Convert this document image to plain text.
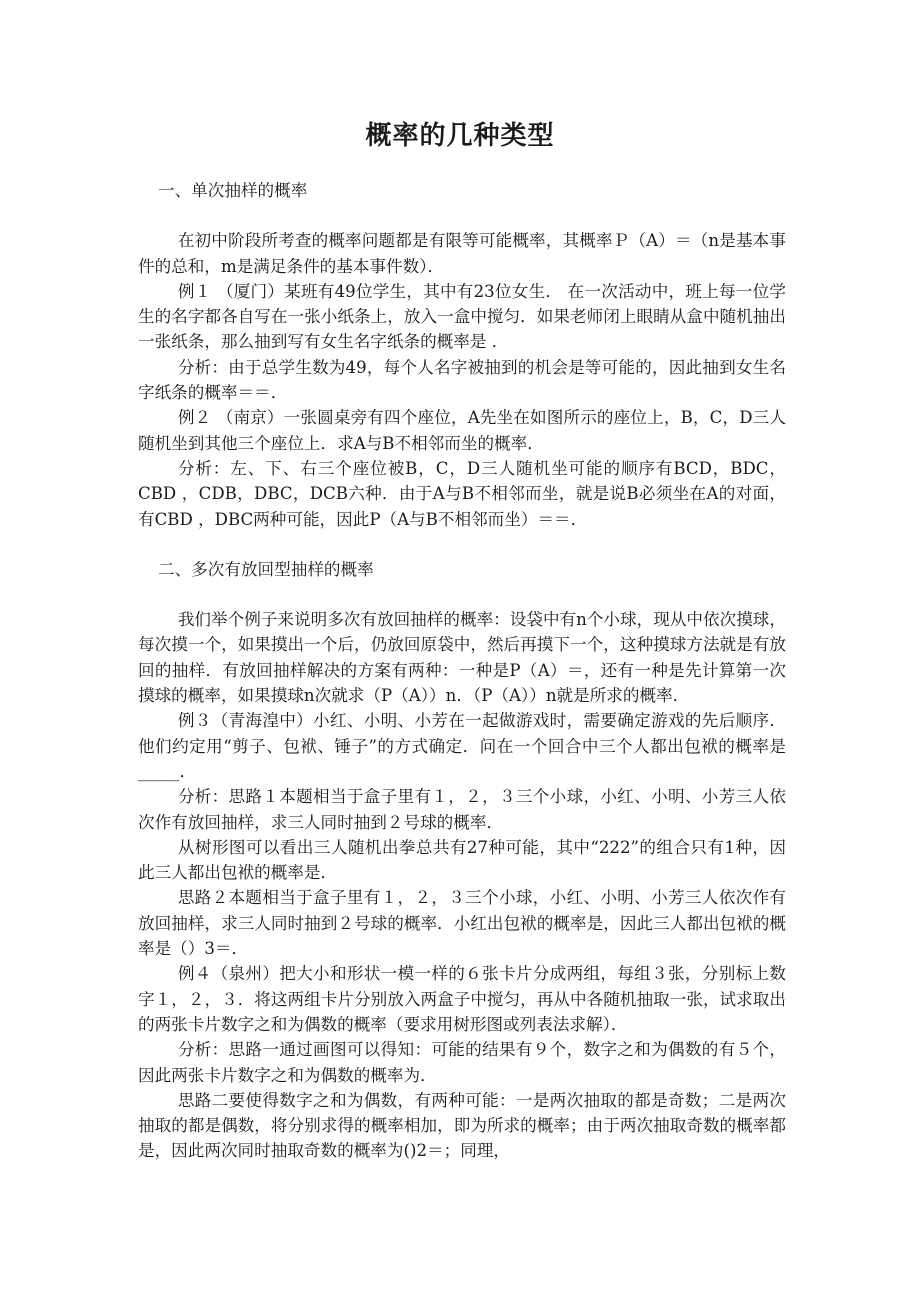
概率的几种类型
一、单次抽样的概率

在初中阶段所考查的概率问题都是有限等可能概率，其概率Ｐ（A）＝（n是基本事件的总和，m是满足条件的基本事件数）．

例１ （厦门）某班有49位学生，其中有23位女生． 在一次活动中，班上每一位学生的名字都各自写在一张小纸条上，放入一盒中搅匀．如果老师闭上眼睛从盒中随机抽出一张纸条，那么抽到写有女生名字纸条的概率是 ．

分析：由于总学生数为49，每个人名字被抽到的机会是等可能的，因此抽到女生名字纸条的概率＝＝．

例２ （南京）一张圆桌旁有四个座位，A先坐在如图所示的座位上，B，C，D三人随机坐到其他三个座位上．求A与B不相邻而坐的概率．

分析：左、下、右三个座位被B，C，D三人随机坐可能的顺序有BCD，BDC，CBD ，CDB，DBC，DCB六种．由于A与B不相邻而坐，就是说B必须坐在A的对面，有CBD ，DBC两种可能，因此P（A与B不相邻而坐）＝＝．

二、多次有放回型抽样的概率

我们举个例子来说明多次有放回抽样的概率：设袋中有n个小球，现从中依次摸球，每次摸一个，如果摸出一个后，仍放回原袋中，然后再摸下一个，这种摸球方法就是有放回的抽样．有放回抽样解决的方案有两种：一种是P（A）＝，还有一种是先计算第一次摸球的概率，如果摸球n次就求（P（A））n．（P（A））n就是所求的概率．

例３（青海湟中）小红、小明、小芳在一起做游戏时，需要确定游戏的先后顺序．他们约定用“剪子、包袱、锤子”的方式确定．问在一个回合中三个人都出包袱的概率是_____．

分析：思路１本题相当于盒子里有１，２，３三个小球，小红、小明、小芳三人依次作有放回抽样，求三人同时抽到２号球的概率．

从树形图可以看出三人随机出拳总共有27种可能，其中“222”的组合只有1种，因此三人都出包袱的概率是．

思路２本题相当于盒子里有１，２，３三个小球，小红、小明、小芳三人依次作有放回抽样，求三人同时抽到２号球的概率．小红出包袱的概率是，因此三人都出包袱的概率是（）3＝．

例４（泉州）把大小和形状一模一样的６张卡片分成两组，每组３张，分别标上数字１，２，３．将这两组卡片分别放入两盒子中搅匀，再从中各随机抽取一张，试求取出的两张卡片数字之和为偶数的概率（要求用树形图或列表法求解）．

分析：思路一通过画图可以得知：可能的结果有９个，数字之和为偶数的有５个，因此两张卡片数字之和为偶数的概率为．

思路二要使得数字之和为偶数，有两种可能：一是两次抽取的都是奇数；二是两次抽取的都是偶数，将分别求得的概率相加，即为所求的概率；由于两次抽取奇数的概率都是，因此两次同时抽取奇数的概率为()2＝；同理，
